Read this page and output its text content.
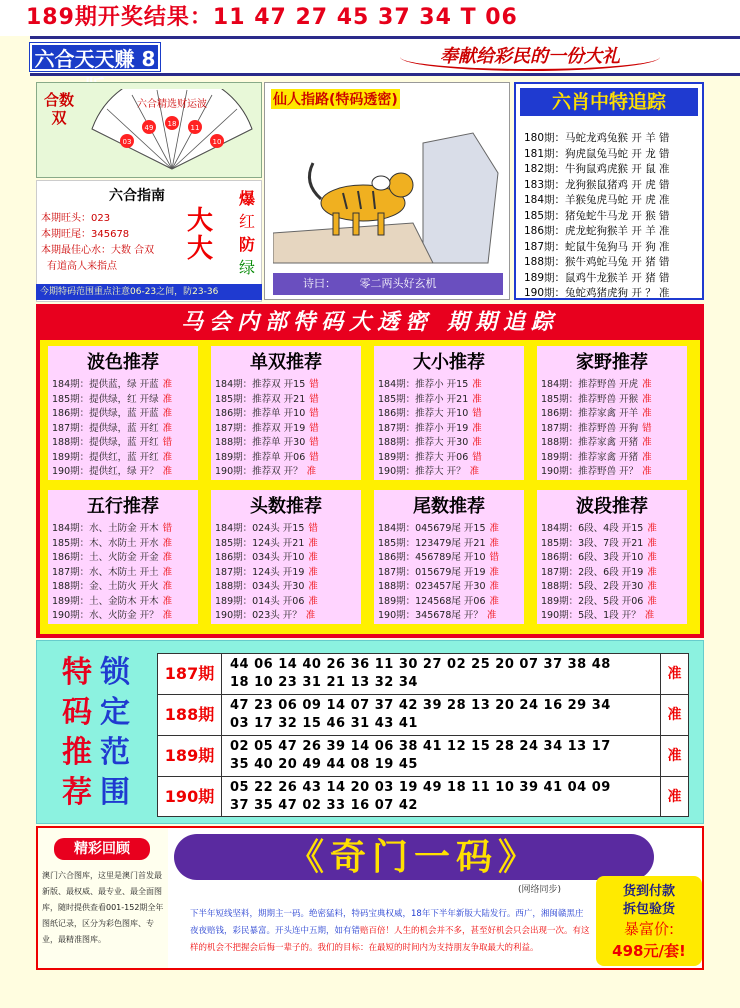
189期开奖结果：11 47 27 45 37 34 T 06
六合天天赚 8	奉献给彩民的一份大礼
合数双
六合精选财运波
03
49 18 11
10
六合指南
本期旺头：023
本期旺尾：345678
本期最佳心水：大数 合双
有道高人来指点
大大
爆
红
防
绿
今期特码范围重点注意06-23之间，防23-36
仙人指路(特码透密)
诗曰： 零二两头好玄机
六肖中特追踪
180期：马蛇龙鸡兔猴 开 羊 错
181期：狗虎鼠兔马蛇 开 龙 错
182期：牛狗鼠鸡虎猴 开 鼠 准
183期：龙狗猴鼠猪鸡 开 虎 错
184期：羊猴兔虎马蛇 开 虎 准
185期：猪兔蛇牛马龙 开 猴 错
186期：虎龙蛇狗猴羊 开 羊 准
187期：蛇鼠牛兔狗马 开 狗 准
188期：猴牛鸡蛇马兔 开 猪 错
189期：鼠鸡牛龙猴羊 开 猪 错
190期：兔蛇鸡猪虎狗 开 ？ 准
马会内部特码大透密 期期追踪
波色推荐
184期：提供蓝，绿 开蓝 准
185期：提供绿，红 开绿 准
186期：提供绿，蓝 开蓝 准
187期：提供绿，蓝 开红 准
188期：提供绿，蓝 开红 错
189期：提供红，蓝 开红 准
190期：提供红，绿 开？ 准
单双推荐
184期：推荐双 开15 错
185期：推荐双 开21 错
186期：推荐单 开10 错
187期：推荐双 开19 错
188期：推荐单 开30 错
189期：推荐单 开06 错
190期：推荐双 开？ 准
大小推荐
184期：推荐小 开15 准
185期：推荐小 开21 准
186期：推荐大 开10 错
187期：推荐小 开19 准
188期：推荐大 开30 准
189期：推荐大 开06 错
190期：推荐大 开？ 准
家野推荐
184期：推荐野兽 开虎 准
185期：推荐野兽 开猴 准
186期：推荐家禽 开羊 准
187期：推荐野兽 开狗 错
188期：推荐家禽 开猪 准
189期：推荐家禽 开猪 准
190期：推荐野兽 开？ 准
五行推荐
184期：水、土防金 开木 错
185期：木、水防土 开水 准
186期：土、火防金 开金 准
187期：水、木防土 开土 准
188期：金、土防火 开火 准
189期：土、金防木 开木 准
190期：水、火防金 开？ 准
头数推荐
184期：024头 开15 错
185期：124头 开21 准
186期：034头 开10 准
187期：124头 开19 准
188期：034头 开30 准
189期：014头 开06 准
190期：023头 开？ 准
尾数推荐
184期：045679尾 开15 准
185期：123479尾 开21 准
186期：456789尾 开10 错
187期：015679尾 开19 准
188期：023457尾 开30 准
189期：124568尾 开06 准
190期：345678尾 开？ 准
波段推荐
184期：6段、4段 开15 准
185期：3段、7段 开21 准
186期：6段、3段 开10 准
187期：2段、6段 开19 准
188期：5段、2段 开30 准
189期：2段、5段 开06 准
190期：5段、1段 开？ 准
特
码
推
荐
锁
定
范
围
187期	44 06 14 40 26 36 11 30 27 02 25 20 07 37 38 48
18 10 23 31 21 13 32 34
准
188期	47 23 06 09 14 07 37 42 39 28 13 20 24 16 29 34
03 17 32 15 46 31 43 41
准
189期	02 05 47 26 39 14 06 38 41 12 15 28 24 34 13 17
35 40 20 49 44 08 19 45
准
190期	05 22 26 43 14 20 03 19 49 18 11 10 39 41 04 09
37 35 47 02 33 16 07 42
准
精彩回顾
澳门六合图库，这里是澳门首发最新版、最权威、最专业、最全面图库，随时提供查看001-152期全年图纸记录，区分为彩色图库、专业，最精准图库。
《奇门一码》
(网络同步)
下半年短线坚料，期期主一码。绝密猛料，特码宝典权威，18年下半年新版大陆发行。西广，湘闽赣黑庄夜夜赔钱，彩民暴富。开头连中五期，如有错赔百倍！人生的机会并不多，甚至好机会只会出现一次。有这样的机会不把握会后悔一辈子的。我们的目标：在最短的时间内为支持朋友争取最大的利益。
货到付款
拆包验货
暴富价:
498元/套!
